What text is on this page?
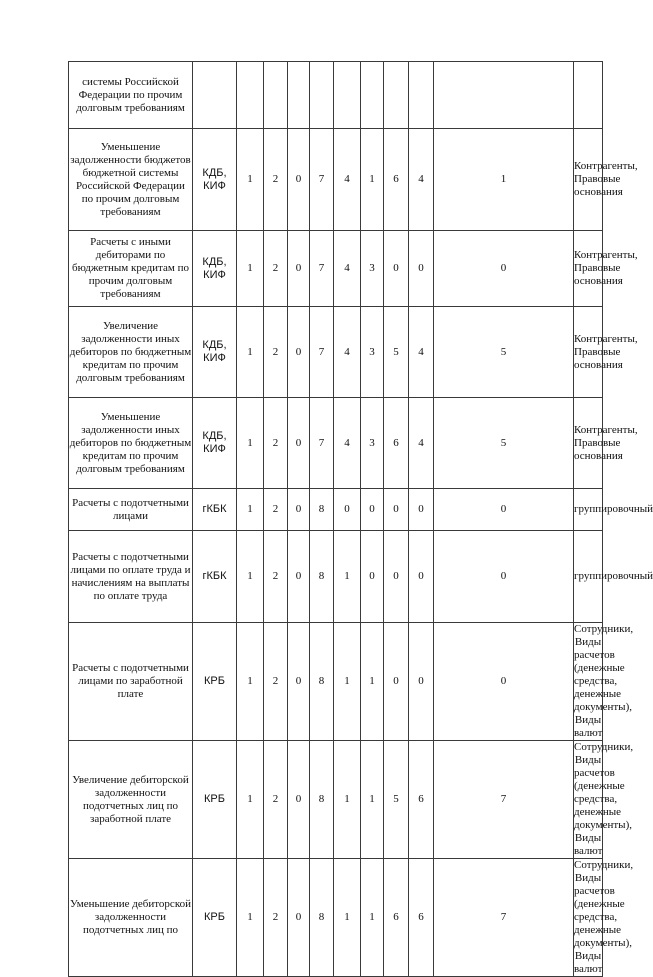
системы Российской Федерации по прочим долговым требованиям											
Уменьшение задолженности бюджетов бюджетной системы Российской Федерации по прочим долговым требованиям	КДБ, КИФ	1	2	0	7	4	1	6	4	1	Контрагенты, Правовые основания
Расчеты с иными дебиторами по бюджетным кредитам по прочим долговым требованиям	КДБ, КИФ	1	2	0	7	4	3	0	0	0	Контрагенты, Правовые основания
Увеличение задолженности иных дебиторов по бюджетным кредитам по прочим долговым требованиям	КДБ, КИФ	1	2	0	7	4	3	5	4	5	Контрагенты, Правовые основания
Уменьшение задолженности иных дебиторов по бюджетным кредитам по прочим долговым требованиям	КДБ, КИФ	1	2	0	7	4	3	6	4	5	Контрагенты, Правовые основания
Расчеты с подотчетными лицами	гКБК	1	2	0	8	0	0	0	0	0	группировочный
Расчеты с подотчетными лицами по оплате труда и начислениям на выплаты по оплате труда	гКБК	1	2	0	8	1	0	0	0	0	группировочный
Расчеты с подотчетными лицами по заработной плате	КРБ	1	2	0	8	1	1	0	0	0	Сотрудники, Виды расчетов (денежные средства, денежные документы), Виды валют
Увеличение дебиторской задолженности подотчетных лиц по заработной плате	КРБ	1	2	0	8	1	1	5	6	7	Сотрудники, Виды расчетов (денежные средства, денежные документы), Виды валют
Уменьшение дебиторской задолженности подотчетных лиц по	КРБ	1	2	0	8	1	1	6	6	7	Сотрудники, Виды расчетов (денежные средства, денежные документы), Виды валют
